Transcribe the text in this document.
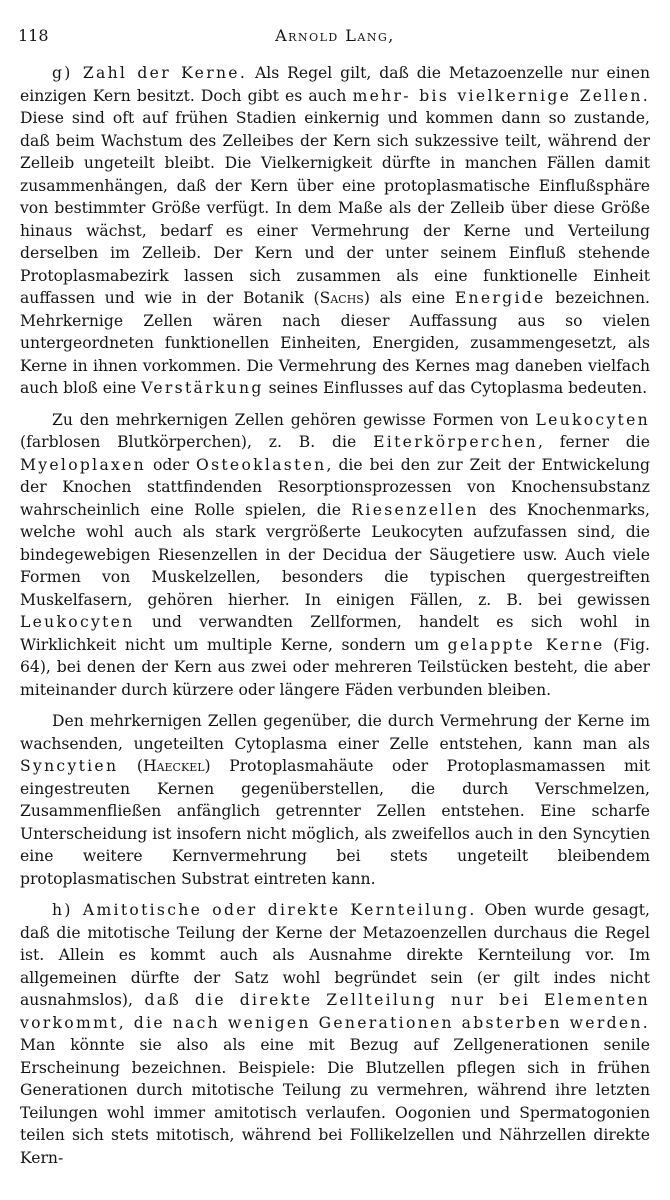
118	Arnold Lang,

g) Zahl der Kerne. Als Regel gilt, daß die Metazoenzelle nur einen einzigen Kern besitzt. Doch gibt es auch mehr- bis vielkernige Zellen. Diese sind oft auf frühen Stadien einkernig und kommen dann so zustande, daß beim Wachstum des Zelleibes der Kern sich sukzessive teilt, während der Zelleib ungeteilt bleibt. Die Vielkernigkeit dürfte in manchen Fällen damit zusammenhängen, daß der Kern über eine protoplasmatische Einflußsphäre von bestimmter Größe verfügt. In dem Maße als der Zelleib über diese Größe hinaus wächst, bedarf es einer Vermehrung der Kerne und Verteilung derselben im Zelleib. Der Kern und der unter seinem Einfluß stehende Protoplasmabezirk lassen sich zusammen als eine funktionelle Einheit auffassen und wie in der Botanik (Sachs) als eine Energide bezeichnen. Mehrkernige Zellen wären nach dieser Auffassung aus so vielen untergeordneten funktionellen Einheiten, Energiden, zusammengesetzt, als Kerne in ihnen vorkommen. Die Vermehrung des Kernes mag daneben vielfach auch bloß eine Verstärkung seines Einflusses auf das Cytoplasma bedeuten.

Zu den mehrkernigen Zellen gehören gewisse Formen von Leukocyten (farblosen Blutkörperchen), z. B. die Eiterkörperchen, ferner die Myeloplaxen oder Osteoklasten, die bei den zur Zeit der Entwickelung der Knochen stattfindenden Resorptionsprozessen von Knochensubstanz wahrscheinlich eine Rolle spielen, die Riesenzellen des Knochenmarks, welche wohl auch als stark vergrößerte Leukocyten aufzufassen sind, die bindegewebigen Riesenzellen in der Decidua der Säugetiere usw. Auch viele Formen von Muskelzellen, besonders die typischen quergestreiften Muskelfasern, gehören hierher. In einigen Fällen, z. B. bei gewissen Leukocyten und verwandten Zellformen, handelt es sich wohl in Wirklichkeit nicht um multiple Kerne, sondern um gelappte Kerne (Fig. 64), bei denen der Kern aus zwei oder mehreren Teilstücken besteht, die aber miteinander durch kürzere oder längere Fäden verbunden bleiben.

Den mehrkernigen Zellen gegenüber, die durch Vermehrung der Kerne im wachsenden, ungeteilten Cytoplasma einer Zelle entstehen, kann man als Syncytien (Haeckel) Protoplasmahäute oder Protoplasmamassen mit eingestreuten Kernen gegenüberstellen, die durch Verschmelzen, Zusammenfließen anfänglich getrennter Zellen entstehen. Eine scharfe Unterscheidung ist insofern nicht möglich, als zweifellos auch in den Syncytien eine weitere Kernvermehrung bei stets ungeteilt bleibendem protoplasmatischen Substrat eintreten kann.

h) Amitotische oder direkte Kernteilung. Oben wurde gesagt, daß die mitotische Teilung der Kerne der Metazoenzellen durchaus die Regel ist. Allein es kommt auch als Ausnahme direkte Kernteilung vor. Im allgemeinen dürfte der Satz wohl begründet sein (er gilt indes nicht ausnahmslos), daß die direkte Zellteilung nur bei Elementen vorkommt, die nach wenigen Generationen absterben werden. Man könnte sie also als eine mit Bezug auf Zellgenerationen senile Erscheinung bezeichnen. Beispiele: Die Blutzellen pflegen sich in frühen Generationen durch mitotische Teilung zu vermehren, während ihre letzten Teilungen wohl immer amitotisch verlaufen. Oogonien und Spermatogonien teilen sich stets mitotisch, während bei Follikelzellen und Nährzellen direkte Kern-
